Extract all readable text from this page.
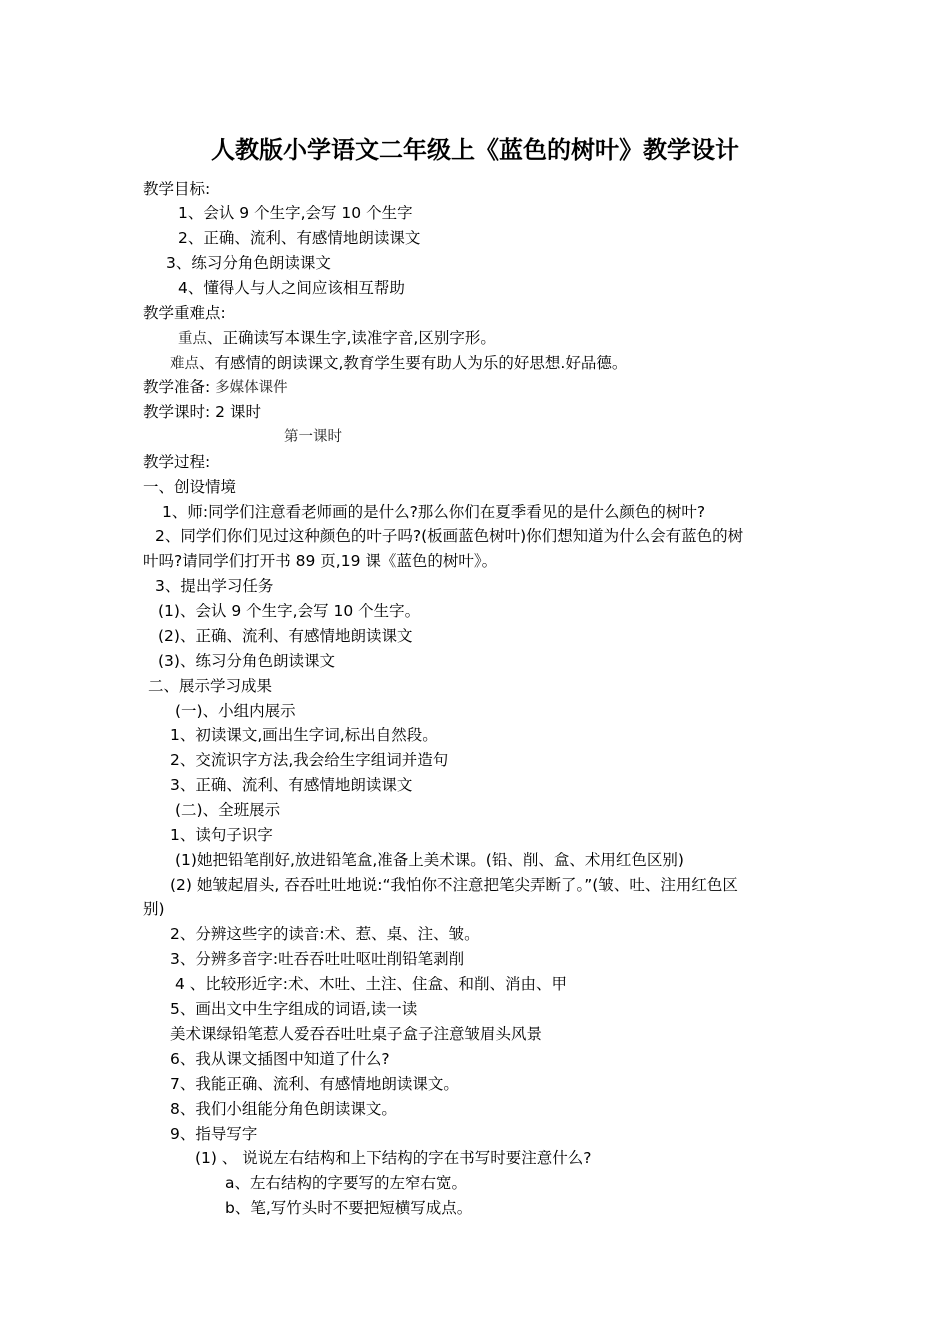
人教版小学语文二年级上《蓝色的树叶》教学设计
教学目标:
1、会认 9 个生字,会写 10 个生字
2、正确、流利、有感情地朗读课文
3、练习分角色朗读课文
4、懂得人与人之间应该相互帮助
教学重难点:
重点、正确读写本课生字,读准字音,区别字形。
难点、有感情的朗读课文,教育学生要有助人为乐的好思想.好品德。
教学准备: 多媒体课件
教学课时: 2 课时
第一课时
教学过程:
一、创设情境
1、师:同学们注意看老师画的是什么?那么你们在夏季看见的是什么颜色的树叶?
2、同学们你们见过这种颜色的叶子吗?(板画蓝色树叶)你们想知道为什么会有蓝色的树
叶吗?请同学们打开书 89 页,19 课《蓝色的树叶》。
3、提出学习任务
(1)、会认 9 个生字,会写 10 个生字。
(2)、正确、流利、有感情地朗读课文
(3)、练习分角色朗读课文
二、展示学习成果
(一)、小组内展示
1、初读课文,画出生字词,标出自然段。
2、交流识字方法,我会给生字组词并造句
3、正确、流利、有感情地朗读课文
(二)、全班展示
1、读句子识字
(1)她把铅笔削好,放进铅笔盒,准备上美术课。(铅、削、盒、术用红色区别)
(2) 她皱起眉头, 吞吞吐吐地说:“我怕你不注意把笔尖弄断了。”(皱、吐、注用红色区
别)
2、分辨这些字的读音:术、惹、桌、注、皱。
3、分辨多音字:吐吞吞吐吐呕吐削铅笔剥削
4 、比较形近字:术、木吐、土注、住盒、和削、消由、甲
5、画出文中生字组成的词语,读一读
美术课绿铅笔惹人爱吞吞吐吐桌子盒子注意皱眉头风景
6、我从课文插图中知道了什么?
7、我能正确、流利、有感情地朗读课文。
8、我们小组能分角色朗读课文。
9、指导写字
(1) 、 说说左右结构和上下结构的字在书写时要注意什么?
a、左右结构的字要写的左窄右宽。
b、笔,写竹头时不要把短横写成点。
